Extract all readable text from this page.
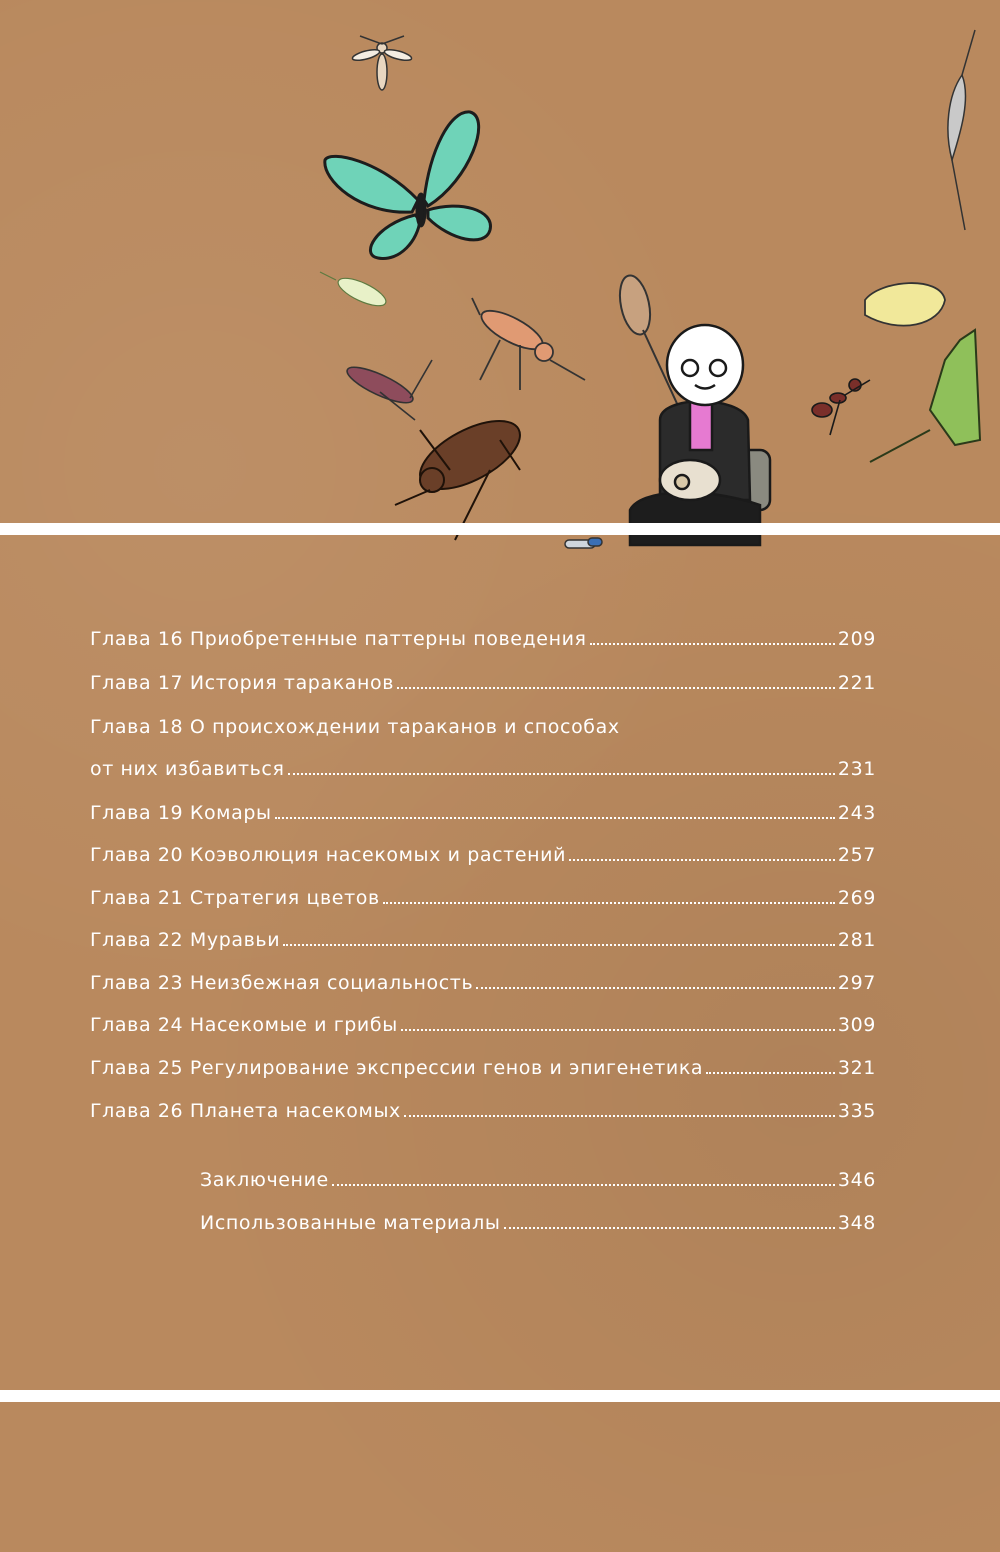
Глава 16 Приобретенные паттерны поведения	209
Глава 17 История тараканов	221
Глава 18 О происхождении тараканов и способах
от них избавиться	231
Глава 19 Комары	243
Глава 20 Коэволюция насекомых и растений	257
Глава 21 Стратегия цветов	269
Глава 22 Муравьи	281
Глава 23 Неизбежная социальность	297
Глава 24 Насекомые и грибы	309
Глава 25 Регулирование экспрессии генов и эпигенетика	321
Глава 26 Планета насекомых	335
Заключение	346
Использованные материалы	348
